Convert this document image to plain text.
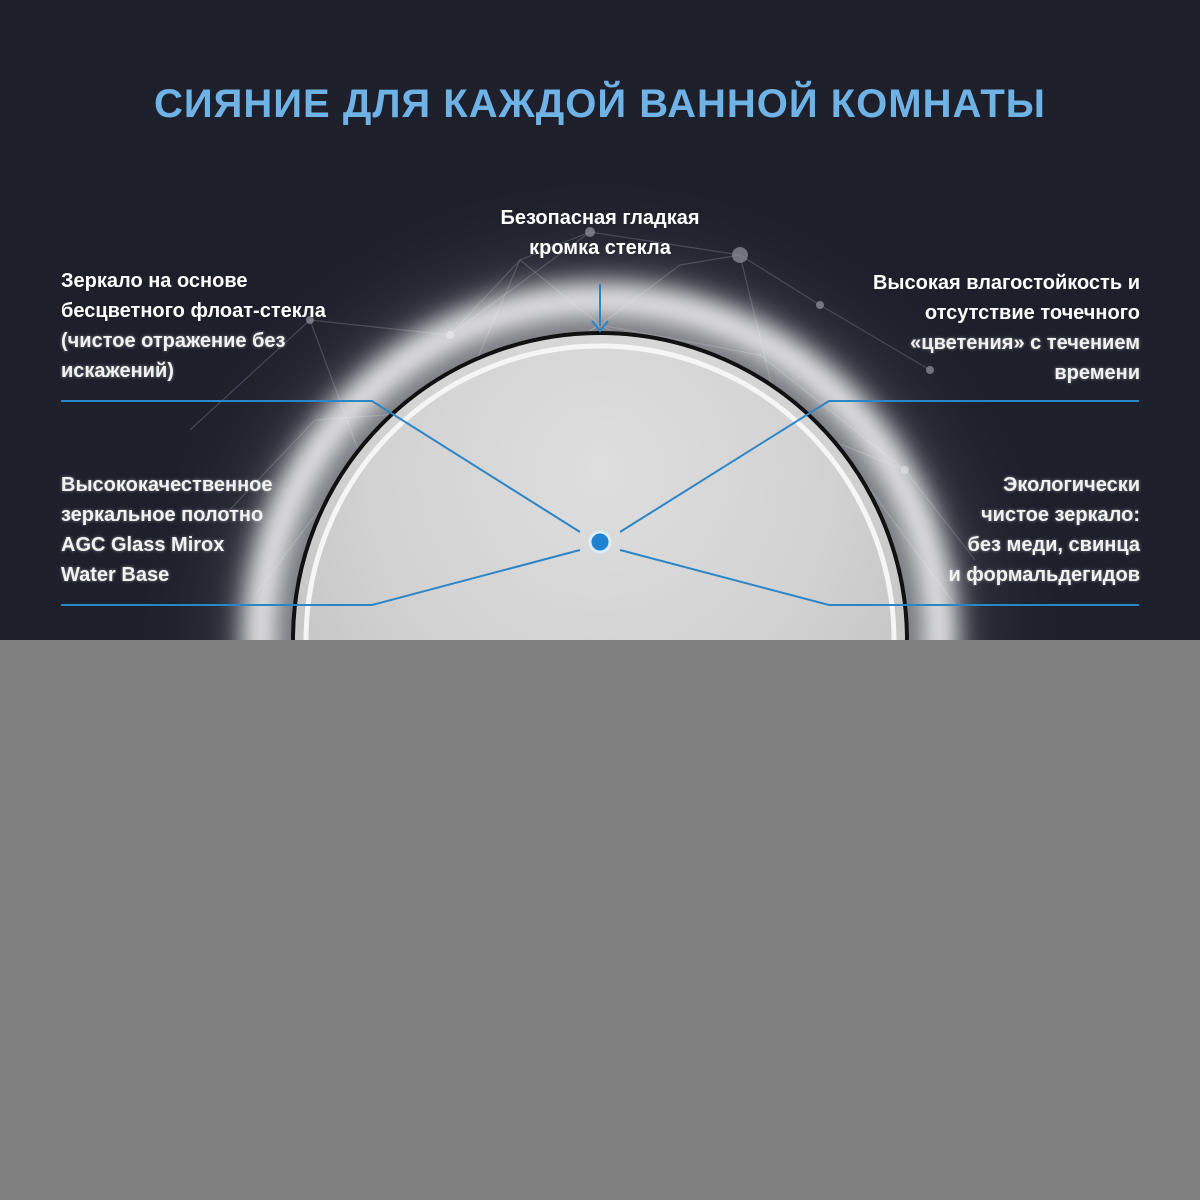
СИЯНИЕ ДЛЯ КАЖДОЙ ВАННОЙ КОМНАТЫ

Безопасная гладкая
кромка стекла

Зеркало на основе
бесцветного флоат-стекла
(чистое отражение без
искажений)

Высокая влагостойкость и
отсутствие точечного
«цветения» с течением
времени

Высококачественное
зеркальное полотно
AGC Glass Mirox
Water Base

Экологически
чистое зеркало:
без меди, свинца
и формальдегидов
